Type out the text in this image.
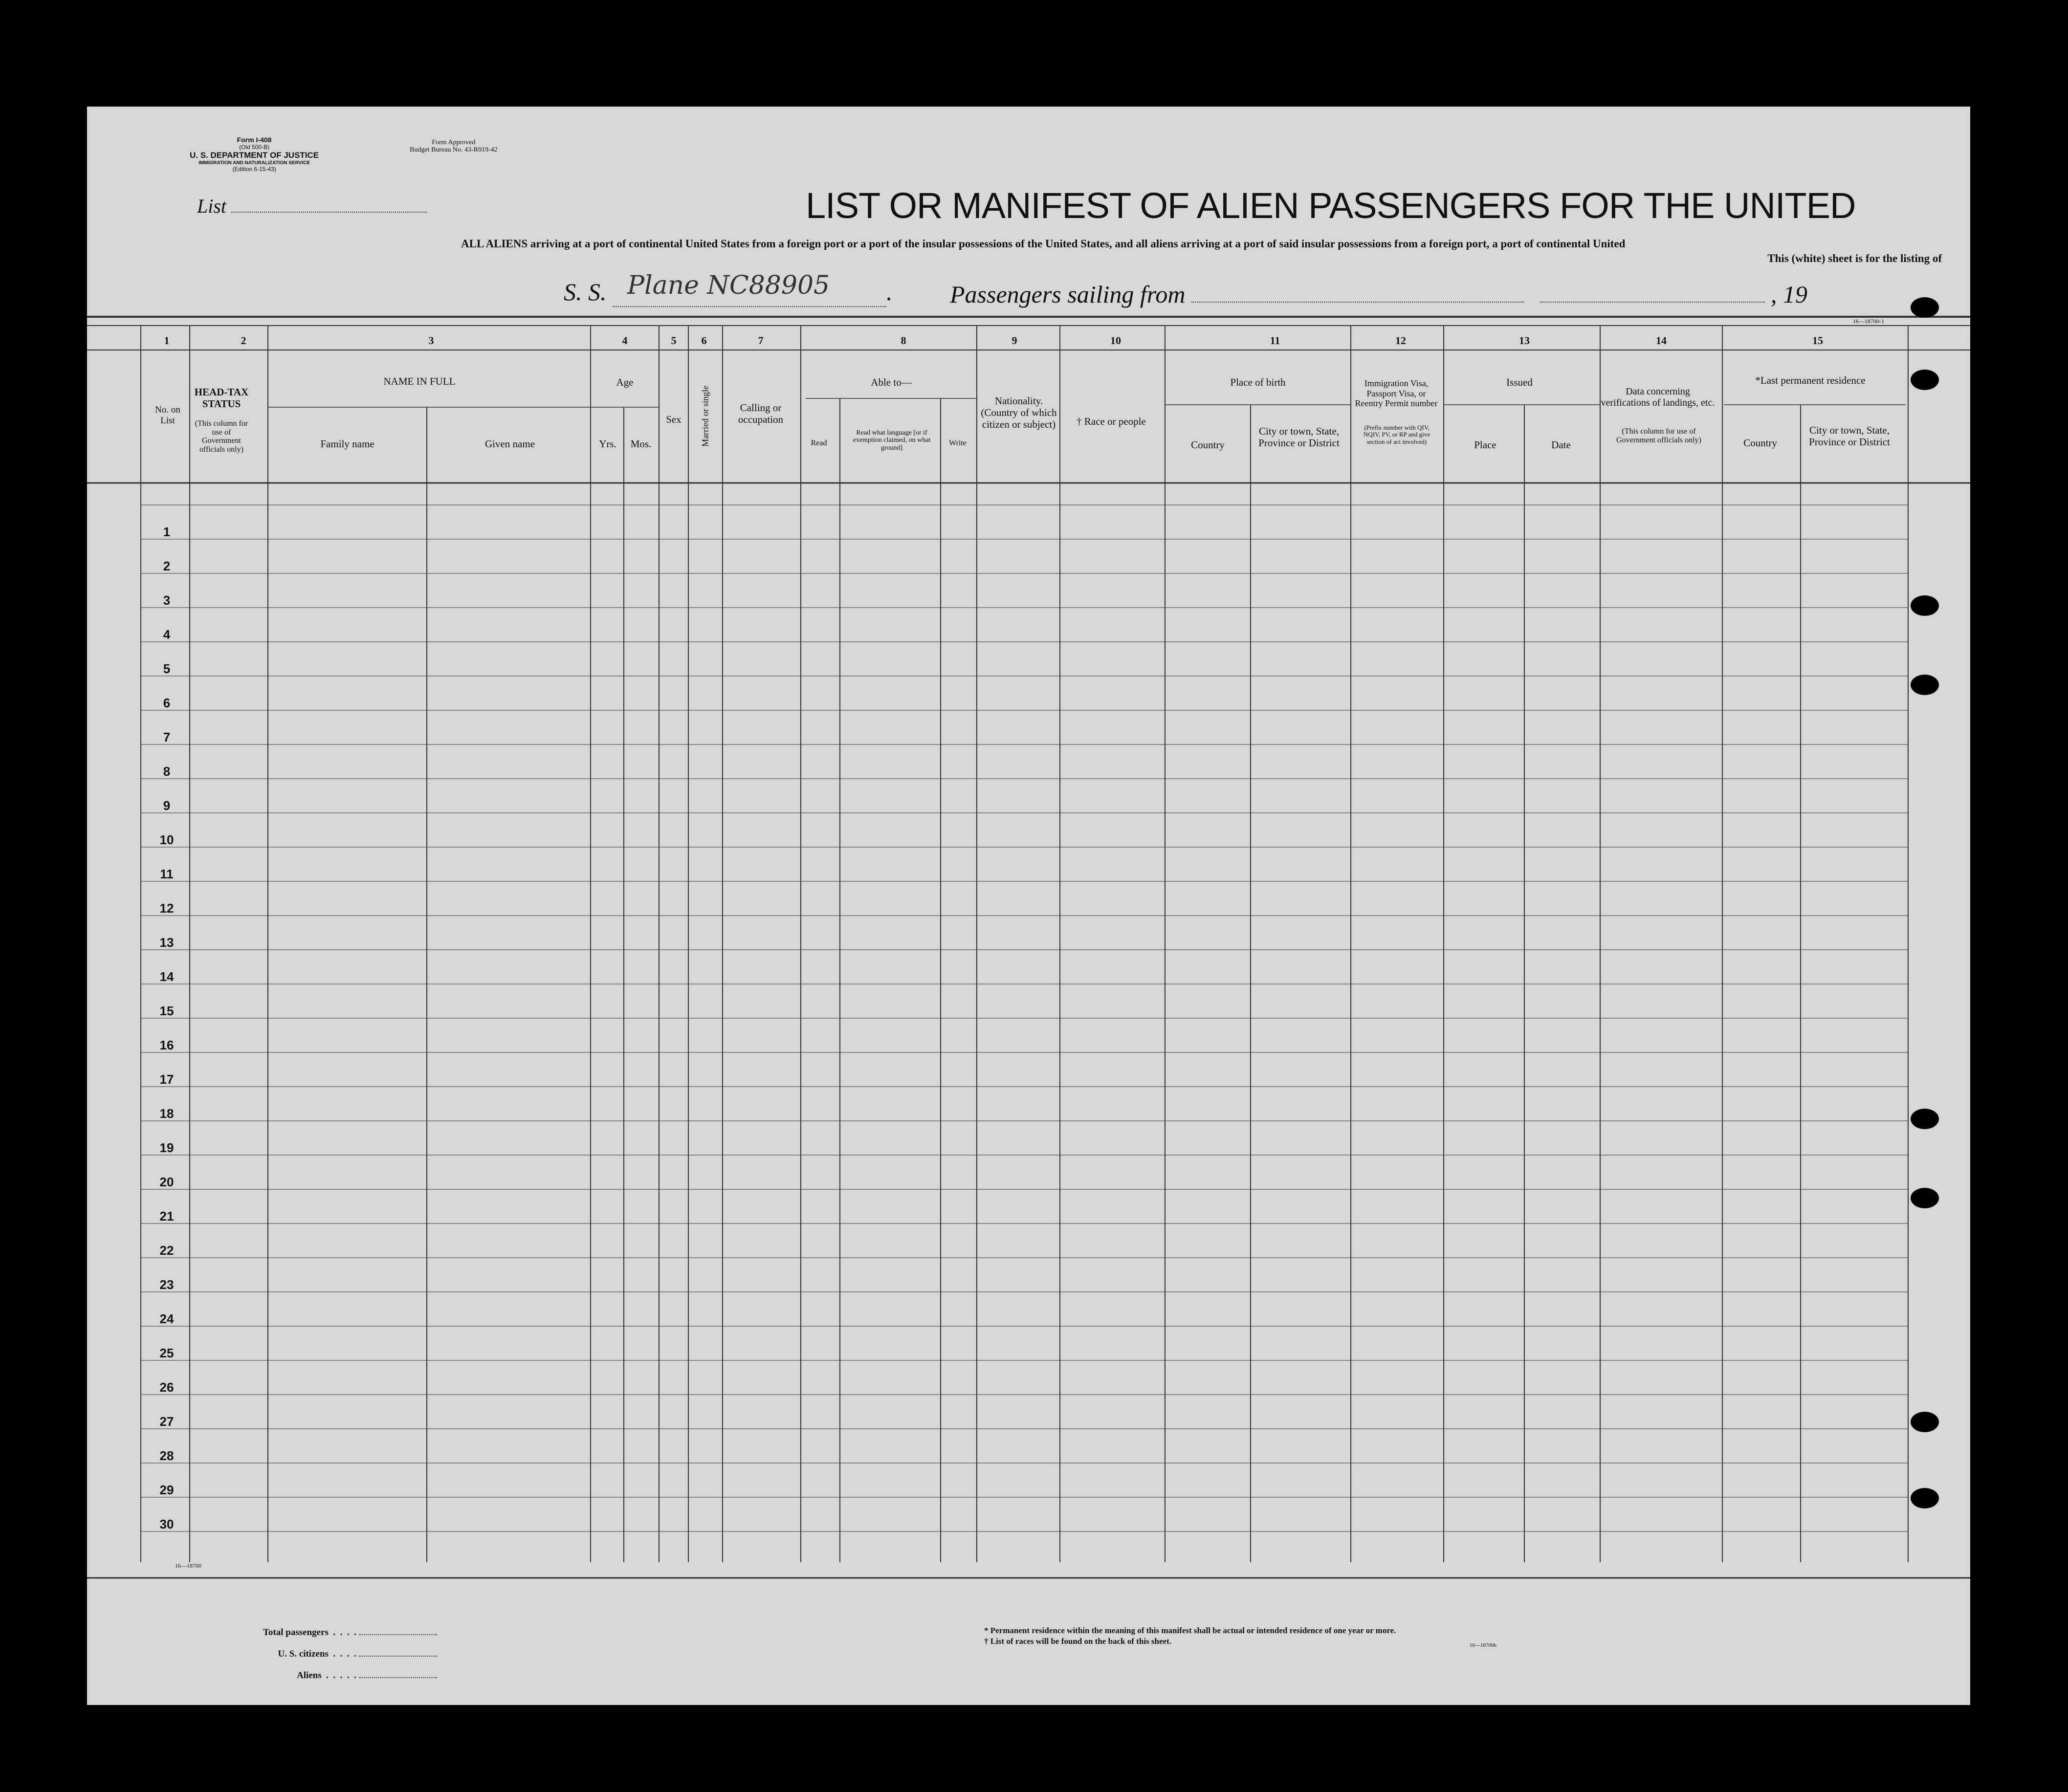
Form I-408
(Old 500-B)
U. S. DEPARTMENT OF JUSTICE
IMMIGRATION AND NATURALIZATION SERVICE
(Edition 6-15-43)
Form Approved
Budget Bureau No. 43-R019-42
List	LIST OR MANIFEST OF ALIEN PASSENGERS FOR THE UNITED
ALL ALIENS arriving at a port of continental United States from a foreign port or a port of the insular possessions of the United States, and all aliens arriving at a port of said insular possessions from a foreign port, a port of continental United
This (white) sheet is for the listing of
S. S. Plane NC88905 . Passengers sailing from	, 19
16—18700-1
1	2	3	4	5	6	7	8	9	10	11	12	13	14	15
No. on List
HEAD-TAX STATUS
(This column for use of Government officials only)
NAME IN FULL
Family name	Given name
Age
Yrs.	Mos.
Sex	Married or single	Calling or occupation
Able to—
Read
Read what language [or if exemption claimed, on what ground]
Write
Nationality. (Country of which citizen or subject)	† Race or people
Place of birth
Country
City or town, State, Province or District
Immigration Visa, Passport Visa, or Reentry Permit number
(Prefix number with QIV, NQIV, PV, or RP and give section of act involved)
Issued
Place	Date
Data concerning verifications of landings, etc.
(This column for use of Government officials only)
*Last permanent residence
Country
City or town, State, Province or District
1
2
3
4
5
6
7
8
9
10
11
12
13
14
15
16
17
18
19
20
21
22
23
24
25
26
27
28
29
30
16—18700
Total passengers  .  .  .  .
U. S. citizens  .  .  .  .
Aliens  .  .  .  .  .
* Permanent residence within the meaning of this manifest shall be actual or intended residence of one year or more.
† List of races will be found on the back of this sheet.	16—18700b
